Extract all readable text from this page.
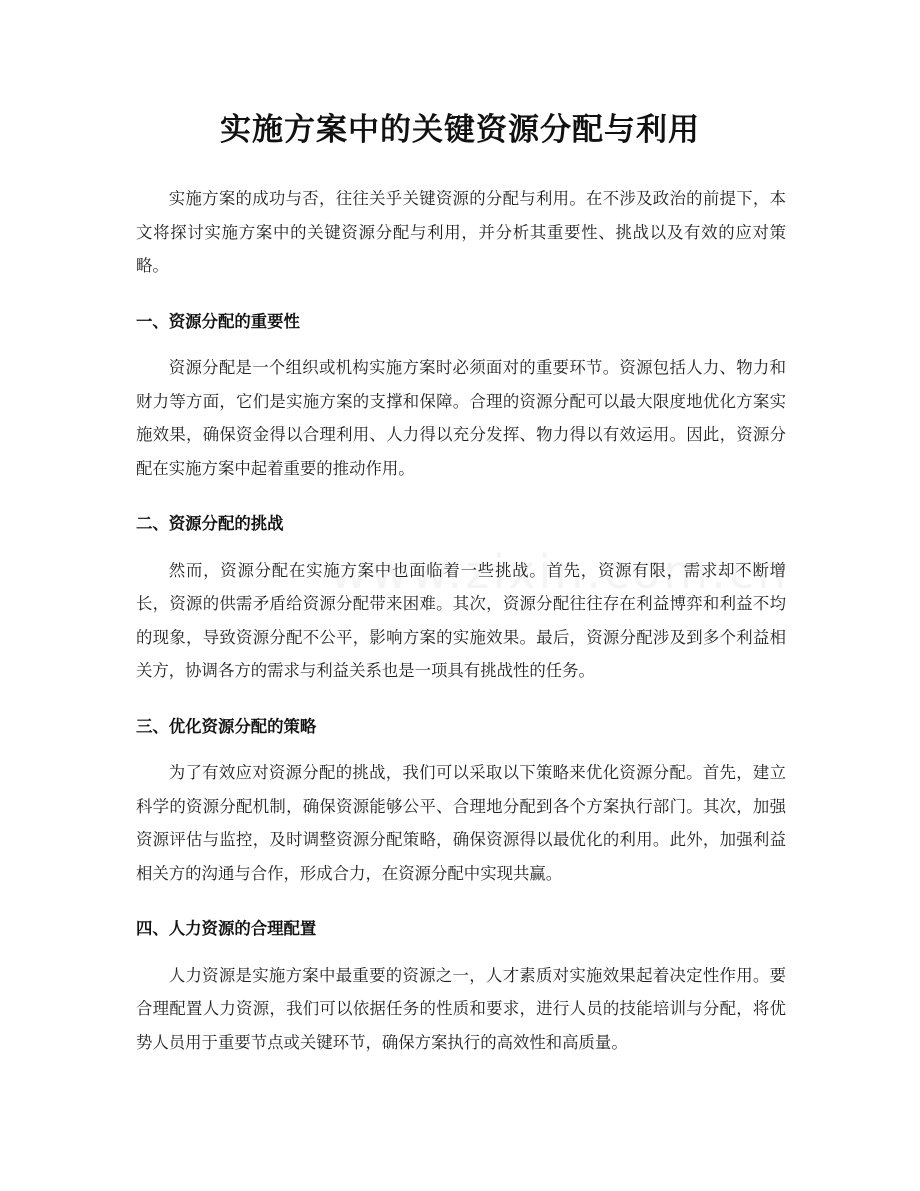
实施方案中的关键资源分配与利用

实施方案的成功与否，往往关乎关键资源的分配与利用。在不涉及政治的前提下，本文将探讨实施方案中的关键资源分配与利用，并分析其重要性、挑战以及有效的应对策略。

一、资源分配的重要性

资源分配是一个组织或机构实施方案时必须面对的重要环节。资源包括人力、物力和财力等方面，它们是实施方案的支撑和保障。合理的资源分配可以最大限度地优化方案实施效果，确保资金得以合理利用、人力得以充分发挥、物力得以有效运用。因此，资源分配在实施方案中起着重要的推动作用。

二、资源分配的挑战

然而，资源分配在实施方案中也面临着一些挑战。首先，资源有限，需求却不断增长，资源的供需矛盾给资源分配带来困难。其次，资源分配往往存在利益博弈和利益不均的现象，导致资源分配不公平，影响方案的实施效果。最后，资源分配涉及到多个利益相关方，协调各方的需求与利益关系也是一项具有挑战性的任务。

三、优化资源分配的策略

为了有效应对资源分配的挑战，我们可以采取以下策略来优化资源分配。首先，建立科学的资源分配机制，确保资源能够公平、合理地分配到各个方案执行部门。其次，加强资源评估与监控，及时调整资源分配策略，确保资源得以最优化的利用。此外，加强利益相关方的沟通与合作，形成合力，在资源分配中实现共赢。

四、人力资源的合理配置

人力资源是实施方案中最重要的资源之一，人才素质对实施效果起着决定性作用。要合理配置人力资源，我们可以依据任务的性质和要求，进行人员的技能培训与分配，将优势人员用于重要节点或关键环节，确保方案执行的高效性和高质量。
